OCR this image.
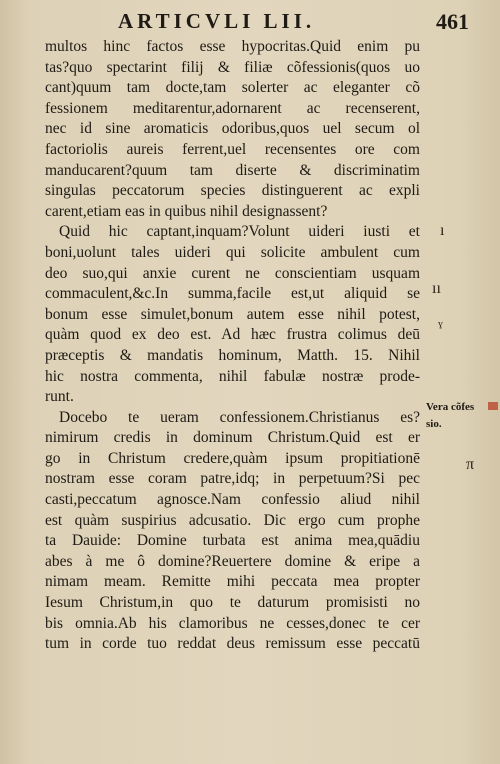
ARTICVLI LII.	461
multos hinc factos esse hypocritas.Quid enim pu
tas?quo spectarint filij & filiæ cõfessionis(quos uo
cant)quum tam docte,tam solerter ac eleganter cõ
fessionem meditarentur,adornarent ac recenserent,
nec id sine aromaticis odoribus,quos uel secum ol
factoriolis aureis ferrent,uel recensentes ore com
manducarent?quum tam diserte & discriminatim
singulas peccatorum species distinguerent ac expli
carent,etiam eas in quibus nihil designassent?
Quid hic captant,inquam?Volunt uideri iusti et
boni,uolunt tales uideri qui solicite ambulent cum
deo suo,qui anxie curent ne conscientiam usquam
commaculent,&c.In summa,facile est,ut aliquid se
bonum esse simulet,bonum autem esse nihil potest,
quàm quod ex deo est. Ad hæc frustra colimus deū
præceptis & mandatis hominum, Matth. 15. Nihil
hic nostra commenta, nihil fabulæ nostræ prode-
runt.
Docebo te ueram confessionem.Christianus es?
nimirum credis in dominum Christum.Quid est er
go in Christum credere,quàm ipsum propitiationē
nostram esse coram patre,idq; in perpetuum?Si pec
casti,peccatum agnosce.Nam confessio aliud nihil
est quàm suspirius adcusatio. Dic ergo cum prophe
ta Dauide: Domine turbata est anima mea,quādiu
abes à me ô domine?Reuertere domine & eripe a
nimam meam. Remitte mihi peccata mea propter
Iesum Christum,in quo te daturum promisisti no
bis omnia.Ab his clamoribus ne cesses,donec te cer
tum in corde tuo reddat deus remissum esse peccatū
Vera cõfes
sio.
ı
ıı
ˠ
π
